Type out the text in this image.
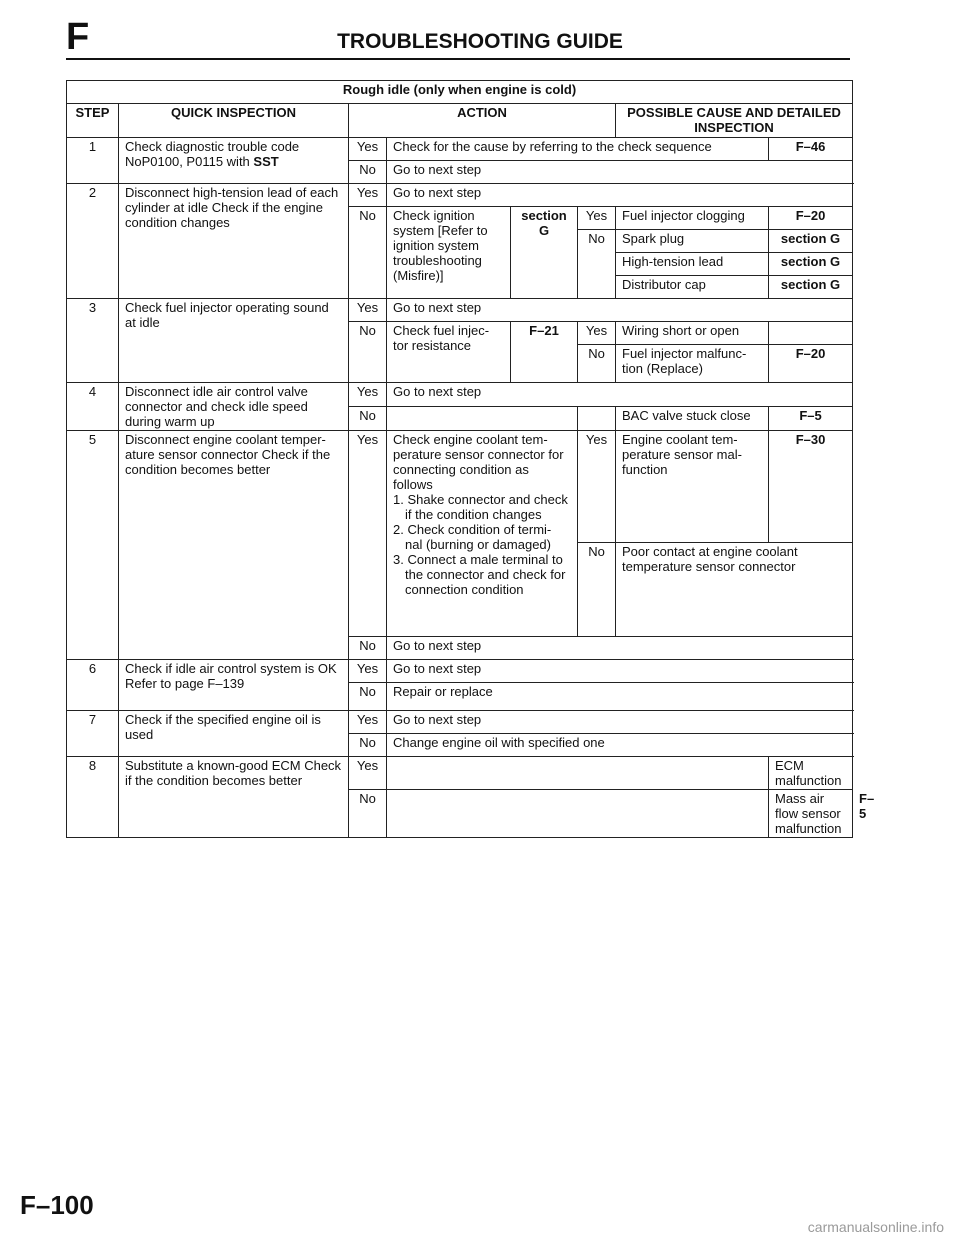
F	TROUBLESHOOTING GUIDE
Rough idle (only when engine is cold)								
STEP	QUICK INSPECTION	ACTION				POSSIBLE CAUSE AND DETAILED INSPECTION		
1	Check diagnostic trouble code NoP0100, P0115 with SST	Yes	Check for the cause by referring to the check sequence				F–46	
		No	Go to next step					
2	Disconnect high-tension lead of each cylinder at idle Check if the engine condition changes	Yes	Go to next step					
		No	Check ignition system [Refer to ignition system troubleshooting (Misfire)]	section G	Yes	Fuel injector clogging	F–20	
					No	Spark plug	section G	
						High-tension lead	section G	
						Distributor cap	section G	
3	Check fuel injector operating sound at idle	Yes	Go to next step					
		No	Check fuel injec- tor resistance	F–21	Yes	Wiring short or open		
					No	Fuel injector malfunc- tion (Replace)	F–20	
4	Disconnect idle air control valve connector and check idle speed during warm up	Yes	Go to next step					
		No				BAC valve stuck close	F–5	
5	Disconnect engine coolant temper- ature sensor connector Check if the condition becomes better	Yes	Check engine coolant tem- perature sensor connector for connecting condition as follows
1. Shake connector and check if the condition changes
2. Check condition of termi- nal (burning or damaged)
3. Connect a male terminal to the connector and check for connection condition		Yes	Engine coolant tem- perature sensor mal- function	F–30	
					No	Poor contact at engine coolant temperature sensor connector		
		No	Go to next step					
6	Check if idle air control system is OK Refer to page F–139	Yes	Go to next step					
		No	Repair or replace					
7	Check if the specified engine oil is used	Yes	Go to next step					
		No	Change engine oil with specified one					
8	Substitute a known-good ECM Check if the condition becomes better	Yes					ECM malfunction	
		No					Mass air flow sensor malfunction	F–5
F–100
carmanualsonline.info
